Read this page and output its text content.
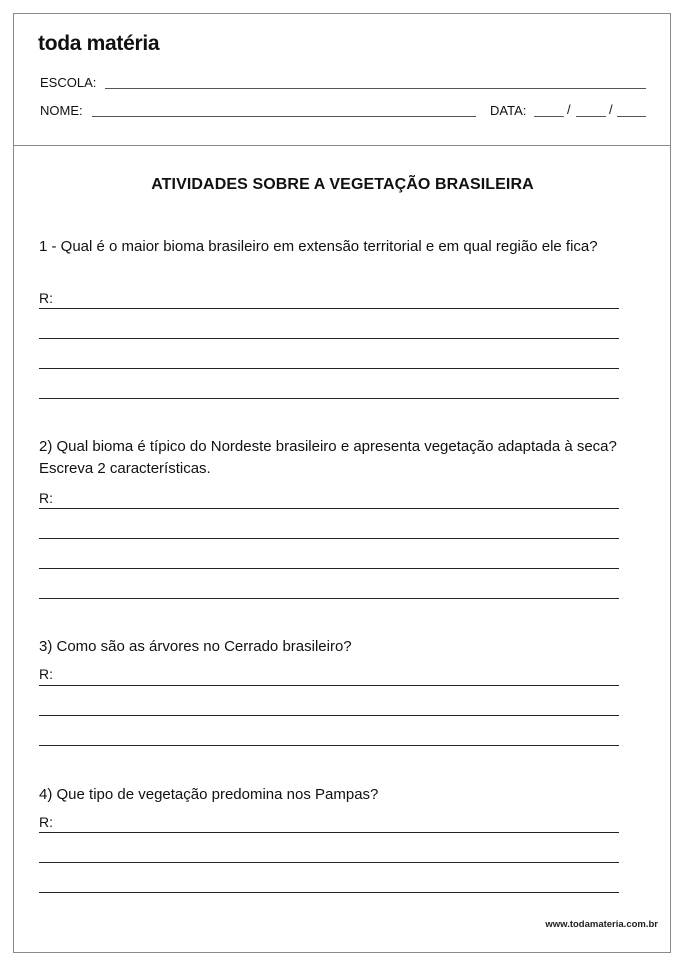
toda matéria
ESCOLA:
NOME:	DATA:	/	/
ATIVIDADES SOBRE A VEGETAÇÃO BRASILEIRA
1 - Qual é o maior bioma brasileiro em extensão territorial e em qual região ele fica?
R:
2) Qual bioma é típico do Nordeste brasileiro e apresenta vegetação adaptada à seca? Escreva 2 características.
R:
3) Como são as árvores no Cerrado brasileiro?
R:
4) Que tipo de vegetação predomina nos Pampas?
R:
www.todamateria.com.br
